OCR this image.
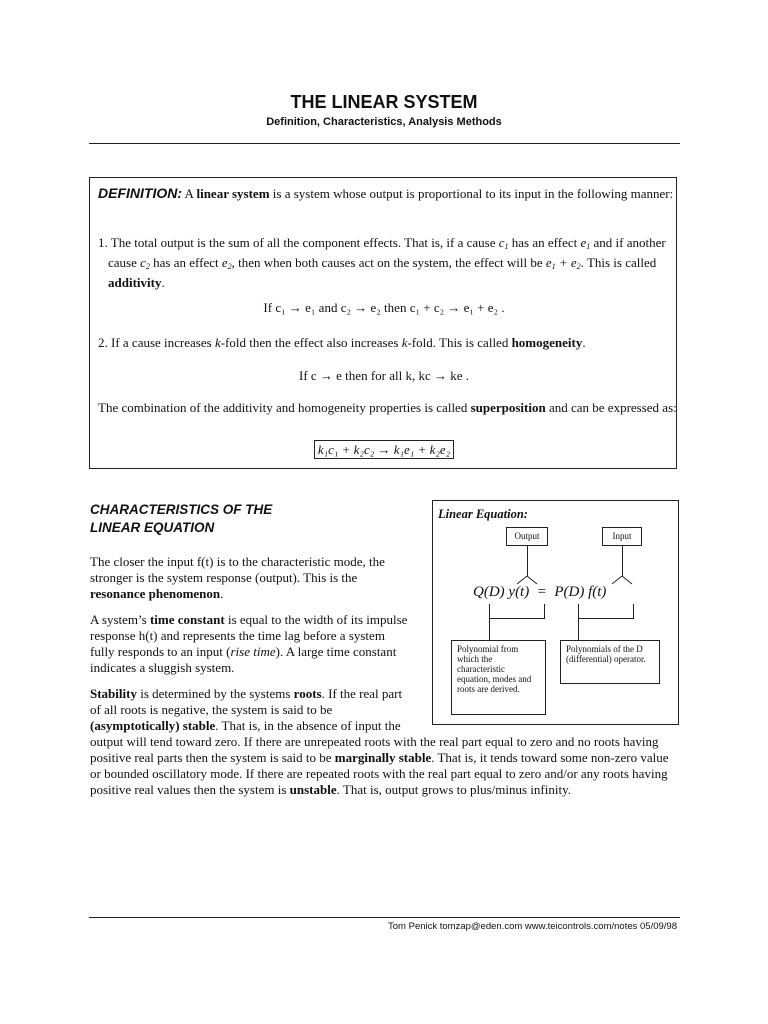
THE LINEAR SYSTEM
Definition, Characteristics, Analysis Methods
DEFINITION: A linear system is a system whose output is proportional to its input in the following manner:
1. The total output is the sum of all the component effects. That is, if a cause $c_1$ has an effect $e_1$ and if another cause $c_2$ has an effect $e_2$, then when both causes act on the system, the effect will be $e_1 + e_2$. This is called additivity.
If c₁ → e₁ and c₂ → e₂ then c₁ + c₂ → e₁ + e₂ .
2. If a cause increases k-fold then the effect also increases k-fold. This is called homogeneity.
If c → e then for all k, kc → ke .
The combination of the additivity and homogeneity properties is called superposition and can be expressed as:
k₁c₁ + k₂c₂ → k₁e₁ + k₂e₂
CHARACTERISTICS OF THE
LINEAR EQUATION
The closer the input f(t) is to the characteristic mode, the stronger is the system response (output). This is the resonance phenomenon.
A system’s time constant is equal to the width of its impulse response h(t) and represents the time lag before a system fully responds to an input (rise time). A large time constant indicates a sluggish system.
Stability is determined by the systems roots. If the real part of all roots is negative, the system is said to be (asymptotically) stable. That is, in the absence of input the output will tend toward zero. If there are unrepeated roots with the real part equal to zero and no roots having positive real parts then the system is said to be marginally stable. That is, it tends toward some non-zero value or bounded oscillatory mode. If there are repeated roots with the real part equal to zero and/or any roots having positive real values then the system is unstable. That is, output grows to plus/minus infinity.
Linear Equation:
Output	Input
Q(D) y(t)  =  P(D) f(t)
Polynomial from which the characteristic equation, modes and roots are derived.
Polynomials of the D (differential) operator.
Tom Penick tomzap@eden.com www.teicontrols.com/notes 05/09/98
